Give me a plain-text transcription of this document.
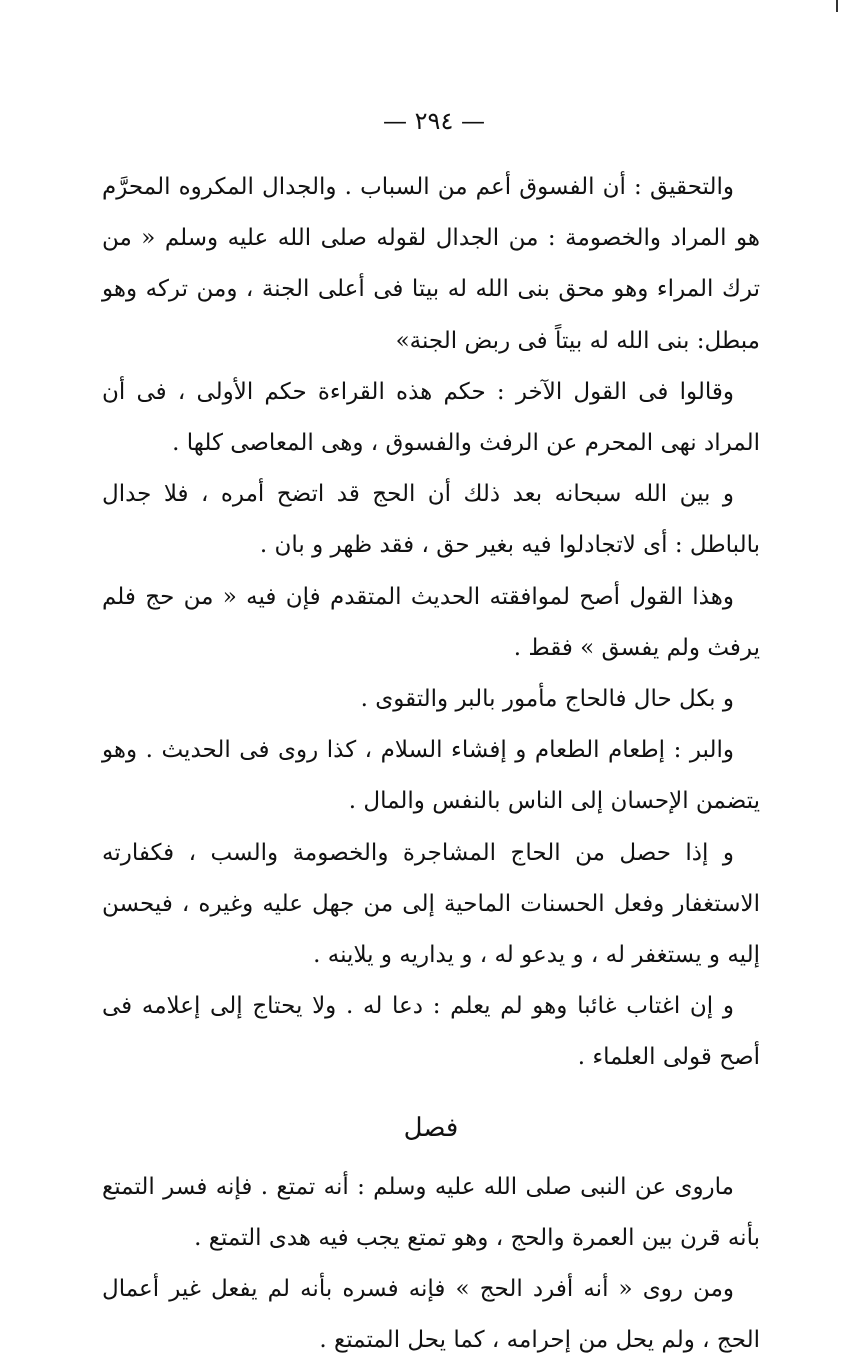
— ٢٩٤ —

والتحقيق : أن الفسوق أعم من السباب . والجدال المكروه المحرَّم هو المراد والخصومة : من الجدال لقوله صلى الله عليه وسلم « من ترك المراء وهو محق بنى الله له بيتا فى أعلى الجنة ، ومن تركه وهو مبطل: بنى الله له بيتاً فى ربض الجنة»

وقالوا فى القول الآخر : حكم هذه القراءة حكم الأولى ، فى أن المراد نهى المحرم عن الرفث والفسوق ، وهى المعاصى كلها .

و بين الله سبحانه بعد ذلك أن الحج قد اتضح أمره ، فلا جدال بالباطل : أى لاتجادلوا فيه بغير حق ، فقد ظهر و بان .

وهذا القول أصح لموافقته الحديث المتقدم فإن فيه « من حج فلم يرفث ولم يفسق » فقط .

و بكل حال فالحاج مأمور بالبر والتقوى .

والبر : إطعام الطعام و إفشاء السلام ، كذا روى فى الحديث . وهو يتضمن الإحسان إلى الناس بالنفس والمال .

و إذا حصل من الحاج المشاجرة والخصومة والسب ، فكفارته الاستغفار وفعل الحسنات الماحية إلى من جهل عليه وغيره ، فيحسن إليه و يستغفر له ، و يدعو له ، و يداريه و يلاينه .

و إن اغتاب غائبا وهو لم يعلم : دعا له . ولا يحتاج إلى إعلامه فى أصح قولى العلماء .

فصل

ماروى عن النبى صلى الله عليه وسلم : أنه تمتع . فإنه فسر التمتع بأنه قرن بين العمرة والحج ، وهو تمتع يجب فيه هدى التمتع .

ومن روى « أنه أفرد الحج » فإنه فسره بأنه لم يفعل غير أعمال الحج ، ولم يحل من إحرامه ، كما يحل المتمتع .
